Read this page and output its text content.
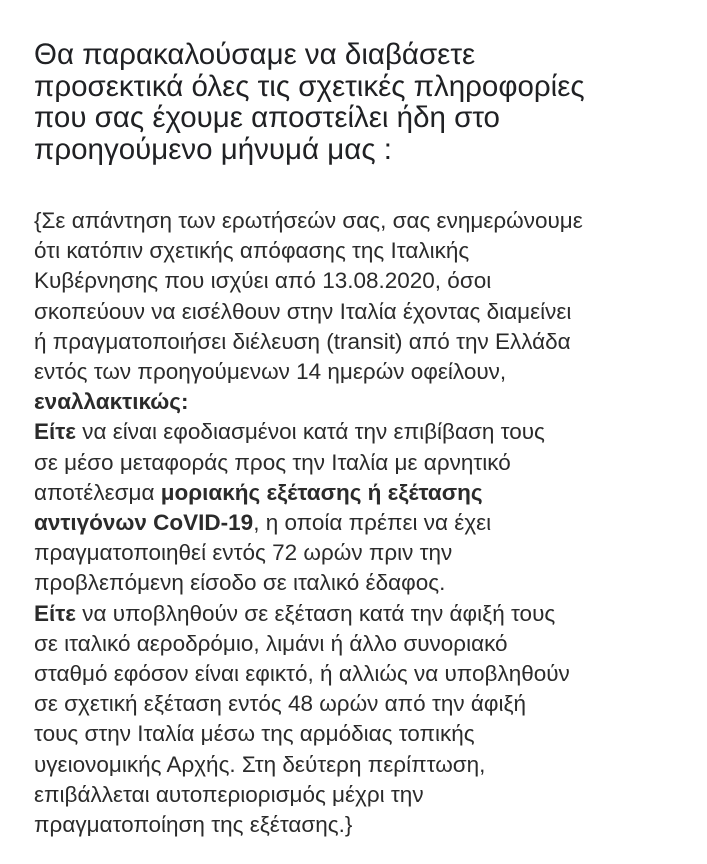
Θα παρακαλούσαμε να διαβάσετε
προσεκτικά όλες τις σχετικές πληροφορίες
που σας έχουμε αποστείλει ήδη στο
προηγούμενο μήνυμά μας :
{Σε απάντηση των ερωτήσεών σας, σας ενημερώνουμε
ότι κατόπιν σχετικής απόφασης της Ιταλικής
Κυβέρνησης που ισχύει από 13.08.2020, όσοι
σκοπεύουν να εισέλθουν στην Ιταλία έχοντας διαμείνει
ή πραγματοποιήσει διέλευση (transit) από την Ελλάδα
εντός των προηγούμενων 14 ημερών οφείλουν,
εναλλακτικώς:
Είτε να είναι εφοδιασμένοι κατά την επιβίβαση τους
σε μέσο μεταφοράς προς την Ιταλία με αρνητικό
αποτέλεσμα μοριακής εξέτασης ή εξέτασης
αντιγόνων CoVID-19, η οποία πρέπει να έχει
πραγματοποιηθεί εντός 72 ωρών πριν την
προβλεπόμενη είσοδο σε ιταλικό έδαφος.
Είτε να υποβληθούν σε εξέταση κατά την άφιξή τους
σε ιταλικό αεροδρόμιο, λιμάνι ή άλλο συνοριακό
σταθμό εφόσον είναι εφικτό, ή αλλιώς να υποβληθούν
σε σχετική εξέταση εντός 48 ωρών από την άφιξή
τους στην Ιταλία μέσω της αρμόδιας τοπικής
υγειονομικής Αρχής. Στη δεύτερη περίπτωση,
επιβάλλεται αυτοπεριορισμός μέχρι την
πραγματοποίηση της εξέτασης.}
